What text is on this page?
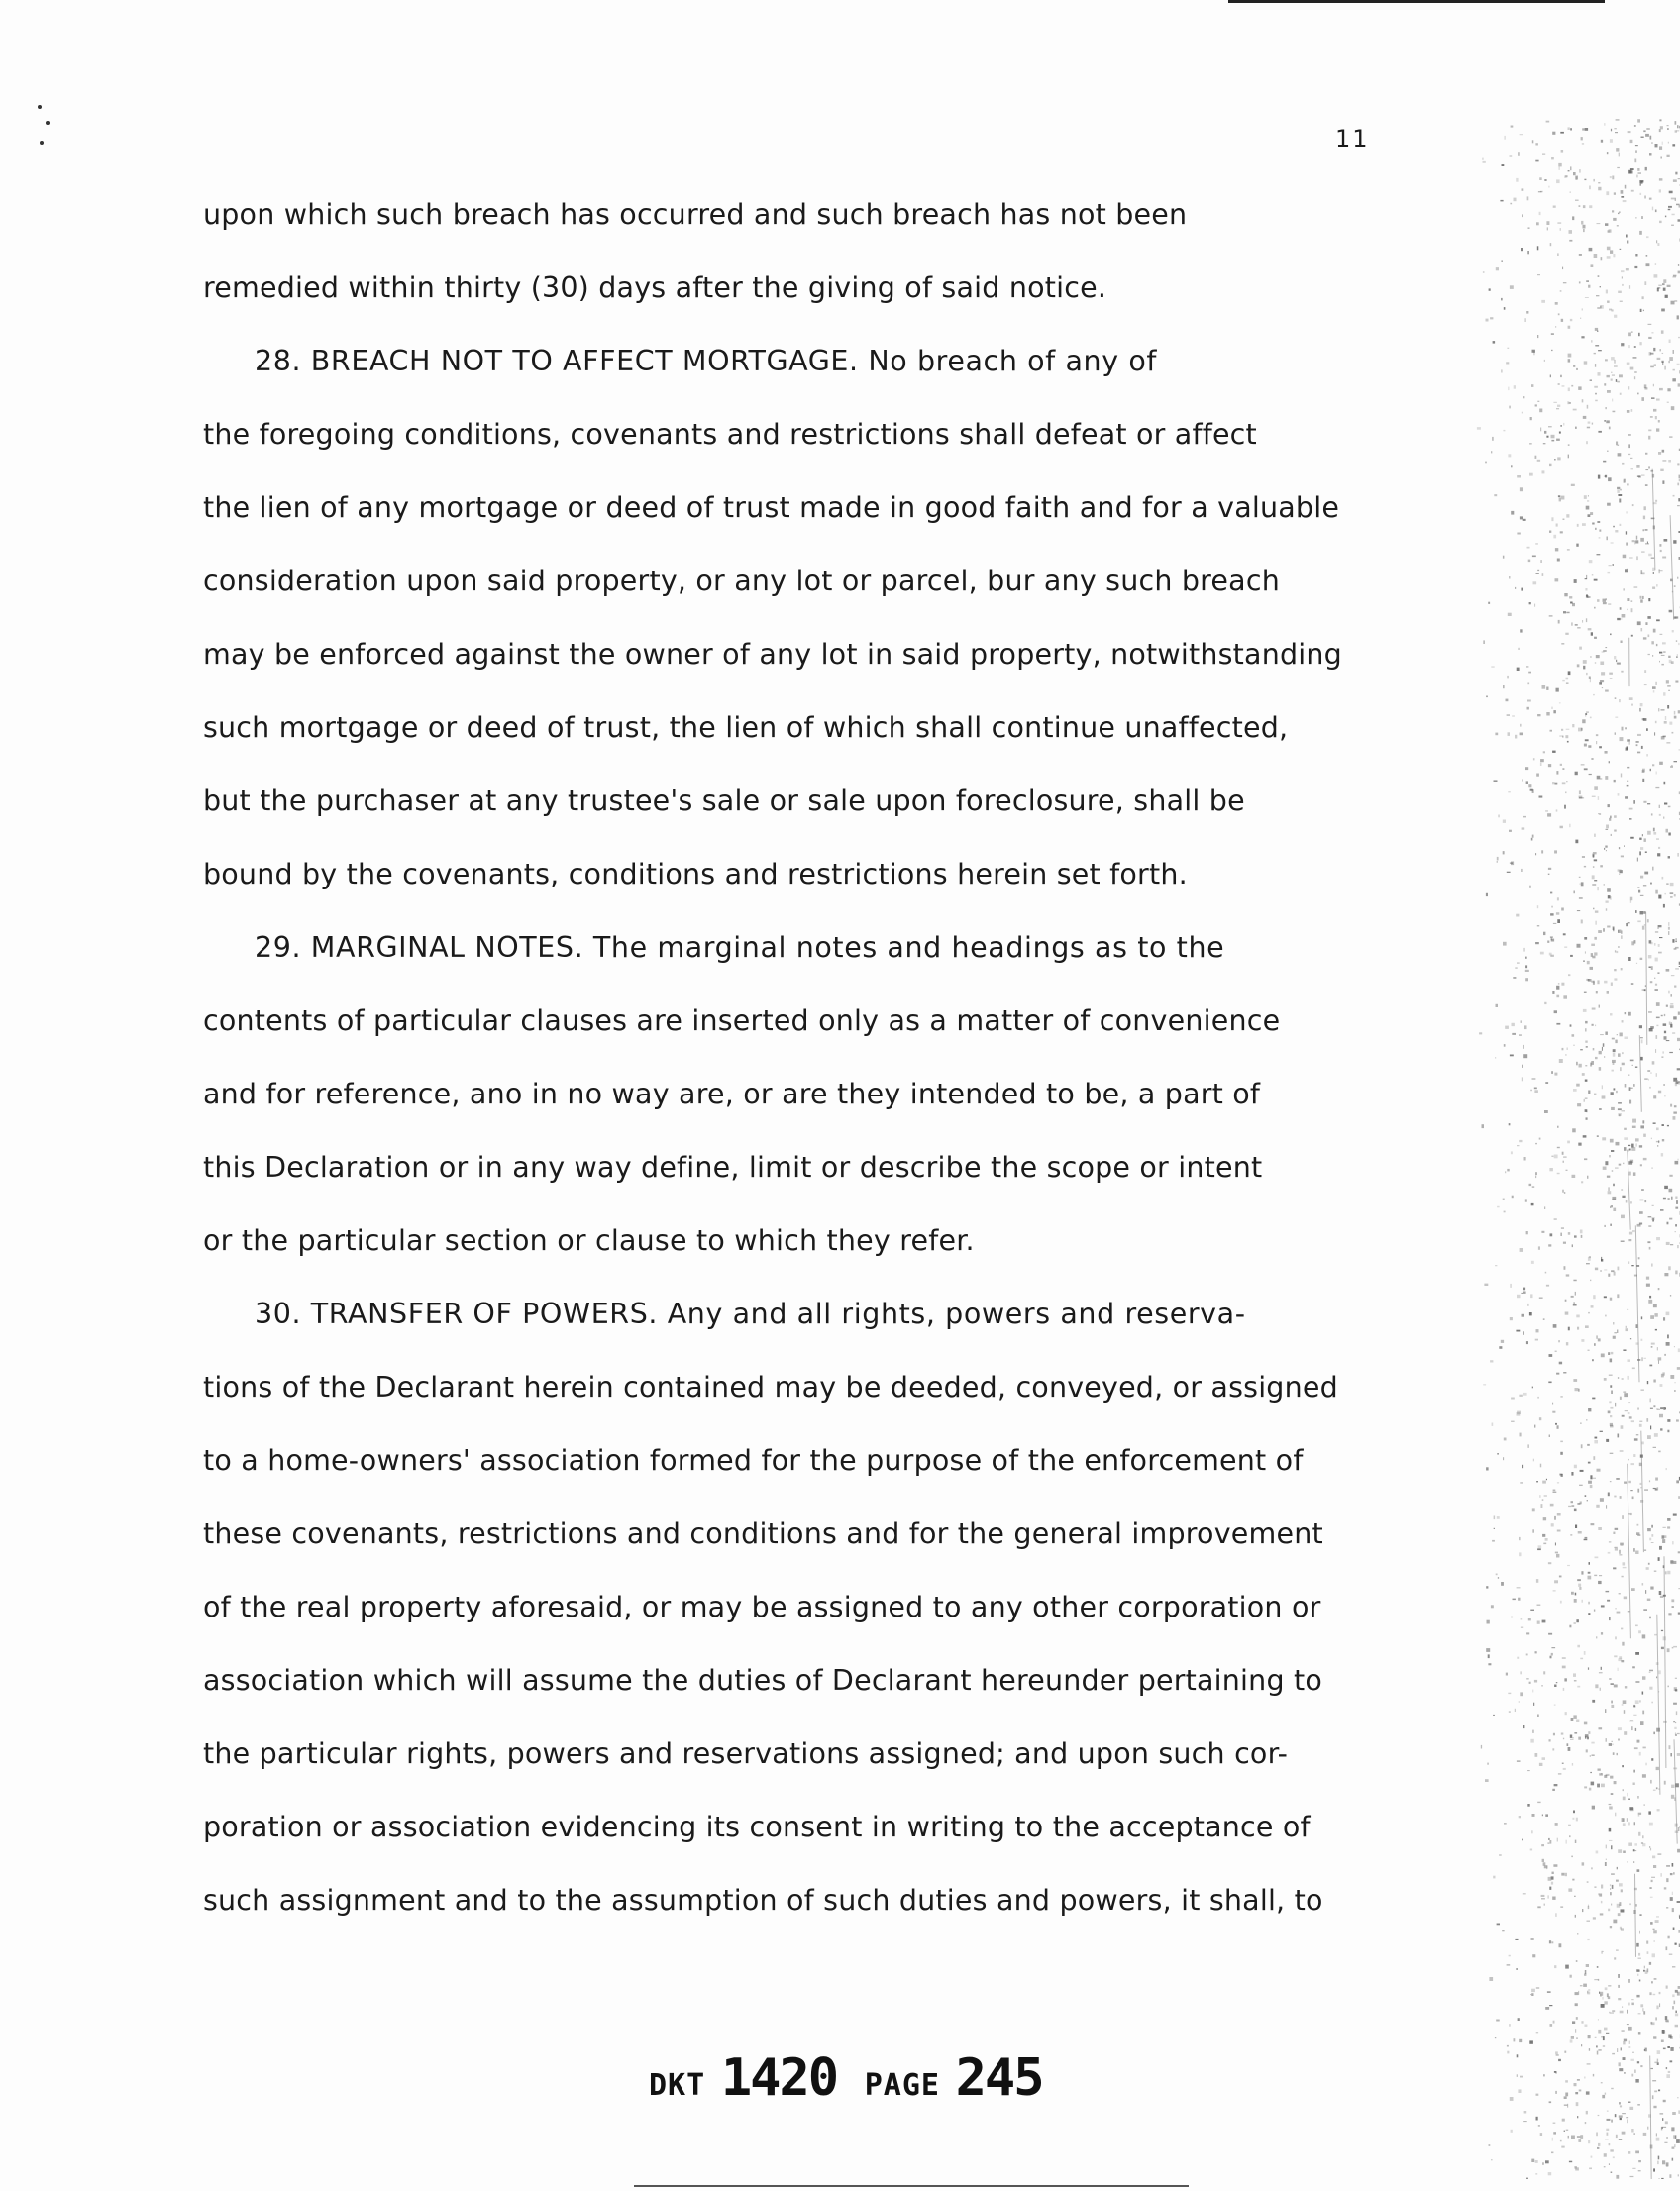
11
upon which such breach has occurred and such breach has not been
remedied within thirty (30) days after the giving of said notice.
28. BREACH NOT TO AFFECT MORTGAGE. No breach of any of
the foregoing conditions, covenants and restrictions shall defeat or affect
the lien of any mortgage or deed of trust made in good faith and for a valuable
consideration upon said property, or any lot or parcel, bur any such breach
may be enforced against the owner of any lot in said property, notwithstanding
such mortgage or deed of trust, the lien of which shall continue unaffected,
but the purchaser at any trustee's sale or sale upon foreclosure, shall be
bound by the covenants, conditions and restrictions herein set forth.
29. MARGINAL NOTES. The marginal notes and headings as to the
contents of particular clauses are inserted only as a matter of convenience
and for reference, ano in no way are, or are they intended to be, a part of
this Declaration or in any way define, limit or describe the scope or intent
or the particular section or clause to which they refer.
30. TRANSFER OF POWERS. Any and all rights, powers and reserva-
tions of the Declarant herein contained may be deeded, conveyed, or assigned
to a home-owners' association formed for the purpose of the enforcement of
these covenants, restrictions and conditions and for the general improvement
of the real property aforesaid, or may be assigned to any other corporation or
association which will assume the duties of Declarant hereunder pertaining to
the particular rights, powers and reservations assigned; and upon such cor-
poration or association evidencing its consent in writing to the acceptance of
such assignment and to the assumption of such duties and powers, it shall, to
DKT 1420 PAGE 245
